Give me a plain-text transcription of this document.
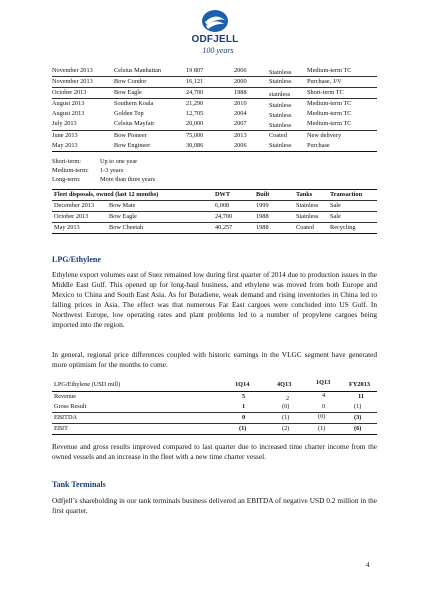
ODFJELL
100 years
November 2013	Celsius Manhattan	19 807	2006	Stainless Medium-term TC
November 2013	Bow Condor	16,121	2000	Stainless Purchase, J/V
October 2013	Bow Eagle	24,700	1988	stainless	Short-term TC
August 2013	Southern Koala	21,290	2010	Stainless Medium-term TC
August 2013	Golden Top	12,705	2004	Stainless Medium-term TC
July 2013	Celsius Mayfair	20,000	2007	Stainless Medium-term TC
June 2013	Bow Pioneer	75,000	2013	Coated	New delivery
May 2013	Bow Engineer	30,086	2006	Stainless Purchase
Short-term:	Up to one year
Medium-term: 1-3 years
Long-term:	More than three years
Fleet disposals, owned (last 12 months)	DWT	Built	Tanks	Transaction
December 2013 Bow Mate	6,008	1999	Stainless Sale
October 2013	Bow Eagle	24,700	1988	Stainless Sale
May 2013	Bow Cheetah	40,257	1988	Coated	Recycling
LPG/Ethylene
Ethylene export volumes east of Suez remained low during first quarter of 2014 due to production issues in the Middle East Gulf. This opened up for long-haul business, and ethylene was moved from both Europe and Mexico to China and South East Asia. As for Butadiene, weak demand and rising inventories in China led to falling prices in Asia. The effect was that numerous Far East cargoes were concluded into US Gulf. In Northwest Europe, low operating rates and plant problems led to a number of propylene cargoes being imported into the region.
In general, regional price differences coupled with historic earnings in the VLGC segment have generated more optimism for the months to come.
LPG/Ethylene (USD mill)	1Q14	4Q13	1Q13	FY2013
Revenue	5	2	4	11
Gross Result	1	(0)	0	(1)
EBITDA	0	(1)	(0)	(3)
EBIT	(1)	(2)	(1)	(6)
Revenue and gross results improved compared to last quarter due to increased time charter income from the owned vessels and an increase in the fleet with a new time charter vessel.
Tank Terminals
Odfjell’s shareholding in our tank terminals business delivered an EBITDA of negative USD 0.2 million in the first quarter.
4
